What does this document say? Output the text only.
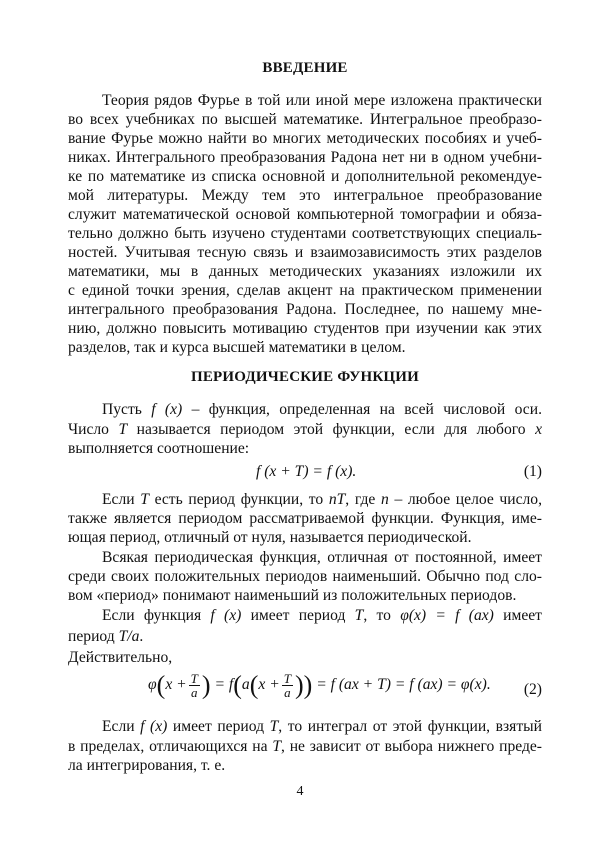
ВВЕДЕНИЕ
Теория рядов Фурье в той или иной мере изложена практически
во всех учебниках по высшей математике. Интегральное преобразо-
вание Фурье можно найти во многих методических пособиях и учеб-
никах. Интегрального преобразования Радона нет ни в одном учебни-
ке по математике из списка основной и дополнительной рекомендуе-
мой литературы. Между тем это интегральное преобразование
служит математической основой компьютерной томографии и обяза-
тельно должно быть изучено студентами соответствующих специаль-
ностей. Учитывая тесную связь и взаимозависимость этих разделов
математики, мы в данных методических указаниях изложили их
с единой точки зрения, сделав акцент на практическом применении
интегрального преобразования Радона. Последнее, по нашему мне-
нию, должно повысить мотивацию студентов при изучении как этих
разделов, так и курса высшей математики в целом.
ПЕРИОДИЧЕСКИЕ ФУНКЦИИ
Пусть f (x) – функция, определенная на всей числовой оси.
Число T называется периодом этой функции, если для любого x
выполняется соотношение:
f (x + T) = f (x).	(1)
Если T есть период функции, то nT, где n – любое целое число,
также является периодом рассматриваемой функции. Функция, име-
ющая период, отличный от нуля, называется периодической.
Всякая периодическая функция, отличная от постоянной, имеет
среди своих положительных периодов наименьший. Обычно под сло-
вом «период» понимают наименьший из положительных периодов.
Если функция f (x) имеет период T, то φ(x) = f (ax) имеет
период T/a.
Действительно,
$\varphi(x + \frac{T}{a}$ ) = $f(a(x + \frac{T}{a}$ )) = f (ax + T) = f (ax) = φ(x). (2)
Если f (x) имеет период T, то интеграл от этой функции, взятый
в пределах, отличающихся на T, не зависит от выбора нижнего преде-
ла интегрирования, т. е.
4
